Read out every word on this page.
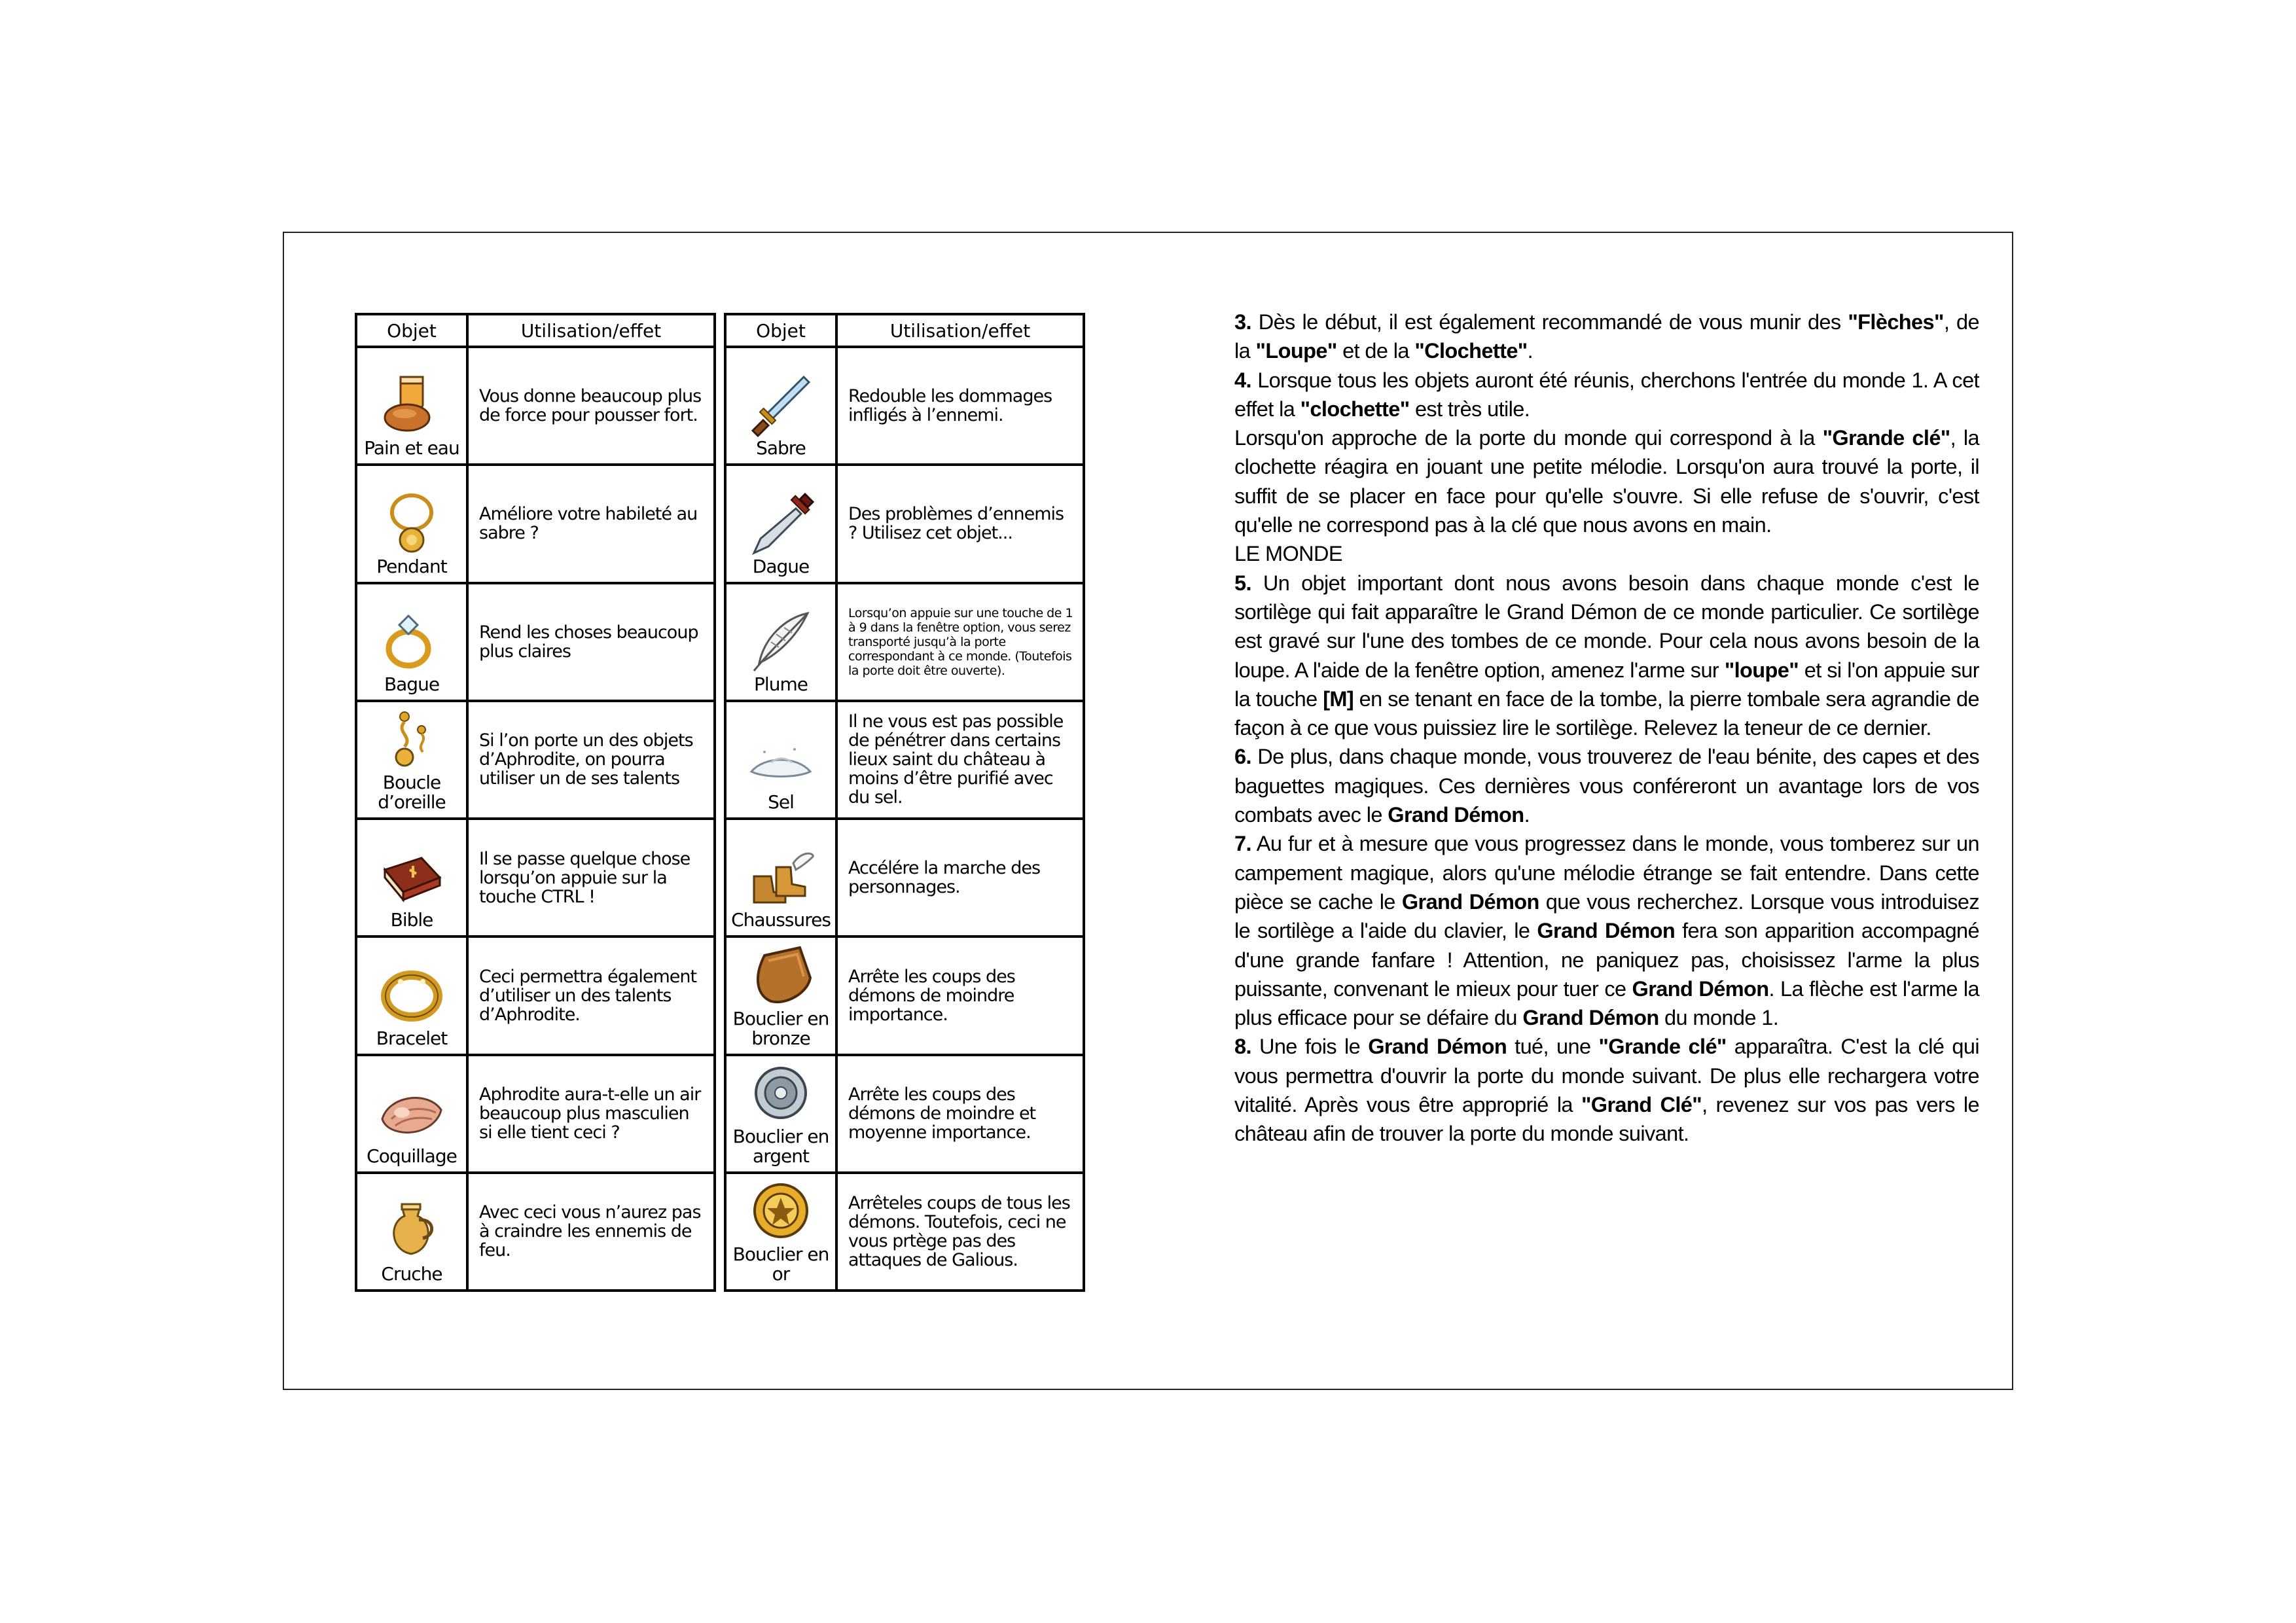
Objet	Utilisation/effet
Pain et eau
Vous donne beaucoup plus de force pour pousser fort.
Pendant
Améliore votre habileté au sabre ?
Bague
Rend les choses beaucoup plus claires
Boucle d’oreille
Si l’on porte un des objets d’Aphrodite, on pourra utiliser un de ses talents
Bible
Il se passe quelque chose lorsqu’on appuie sur la touche CTRL !
Bracelet
Ceci permettra également d’utiliser un des talents d’Aphrodite.
Coquillage
Aphrodite aura-t-elle un air beaucoup plus masculien si elle tient ceci ?
Cruche
Avec ceci vous n’aurez pas à craindre les ennemis de feu.
Objet	Utilisation/effet
Sabre
Redouble les dommages infligés à l’ennemi.
Dague
Des problèmes d’ennemis ? Utilisez cet objet...
Plume
Lorsqu’on appuie sur une touche de 1 à 9 dans la fenêtre option, vous serez transporté jusqu’à la porte correspondant à ce monde. (Toutefois la porte doit être ouverte).
Sel
Il ne vous est pas possible de pénétrer dans certains lieux saint du château à moins d’être purifié avec du sel.
Chaussures
Accélére la marche des personnages.
Bouclier en bronze
Arrête les coups des démons de moindre importance.
Bouclier en argent
Arrête les coups des démons de moindre et moyenne importance.
Bouclier en or
Arrêteles coups de tous les démons. Toutefois, ceci ne vous prtège pas des attaques de Galious.

3. Dès le début, il est également recommandé de vous munir des "Flèches", de la "Loupe" et de la "Clochette".

4. Lorsque tous les objets auront été réunis, cherchons l'entrée du monde 1. A cet effet la "clochette" est très utile.

Lorsqu'on approche de la porte du monde qui correspond à la "Grande clé", la clochette réagira en jouant une petite mélodie. Lorsqu'on aura trouvé la porte, il suffit de se placer en face pour qu'elle s'ouvre. Si elle refuse de s'ouvrir, c'est qu'elle ne correspond pas à la clé que nous avons en main.

LE MONDE

5. Un objet important dont nous avons besoin dans chaque monde c'est le sortilège qui fait apparaître le Grand Démon de ce monde particulier. Ce sortilège est gravé sur l'une des tombes de ce monde. Pour cela nous avons besoin de la loupe. A l'aide de la fenêtre option, amenez l'arme sur "loupe" et si l'on appuie sur la touche [M] en se tenant en face de la tombe, la pierre tombale sera agrandie de façon à ce que vous puissiez lire le sortilège. Relevez la teneur de ce dernier.

6. De plus, dans chaque monde, vous trouverez de l'eau bénite, des capes et des baguettes magiques. Ces dernières vous conféreront un avantage lors de vos combats avec le Grand Démon.

7. Au fur et à mesure que vous progressez dans le monde, vous tomberez sur un campement magique, alors qu'une mélodie étrange se fait entendre. Dans cette pièce se cache le Grand Démon que vous recherchez. Lorsque vous introduisez le sortilège a l'aide du clavier, le Grand Démon fera son apparition accompagné d'une grande fanfare ! Attention, ne paniquez pas, choisissez l'arme la plus puissante, convenant le mieux pour tuer ce Grand Démon. La flèche est l'arme la plus efficace pour se défaire du Grand Démon du monde 1.

8. Une fois le Grand Démon tué, une "Grande clé" apparaîtra. C'est la clé qui vous permettra d'ouvrir la porte du monde suivant. De plus elle rechargera votre vitalité. Après vous être approprié la "Grand Clé", revenez sur vos pas vers le château afin de trouver la porte du monde suivant.
